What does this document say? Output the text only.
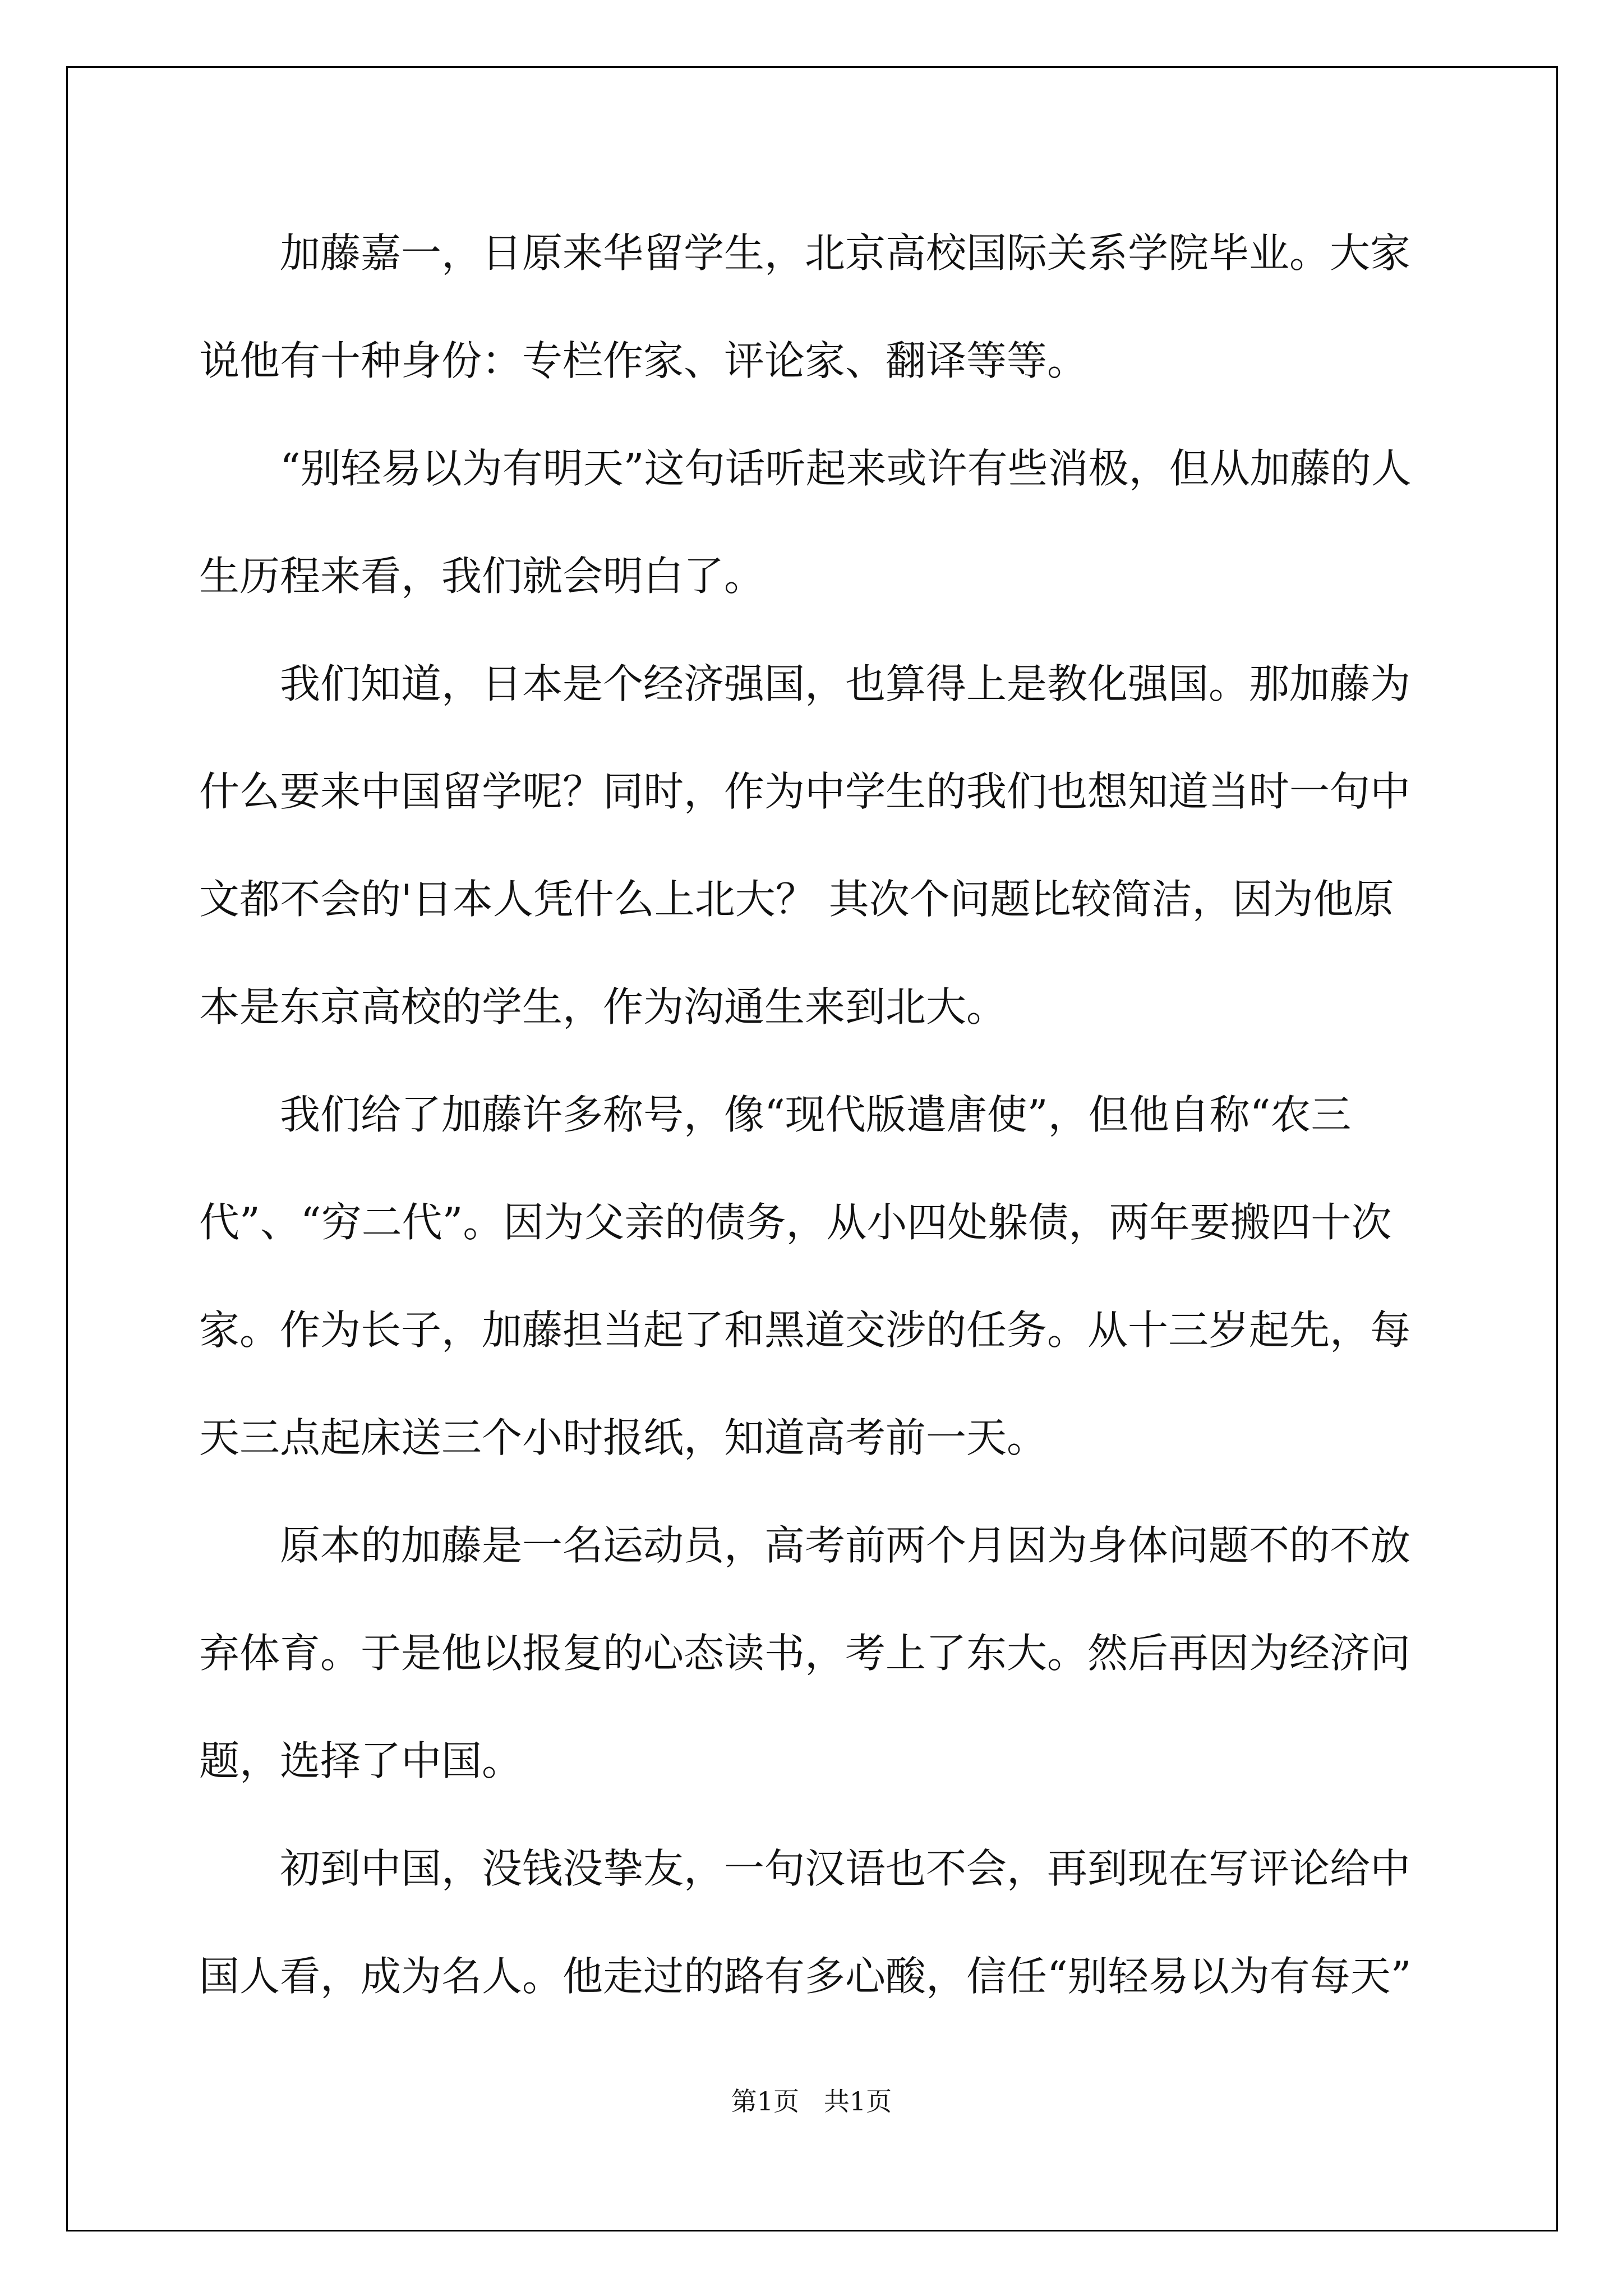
加藤嘉一，日原来华留学生，北京高校国际关系学院毕业。大家说他有十种身份：专栏作家、评论家、翻译等等。

“别轻易以为有明天”这句话听起来或许有些消极，但从加藤的人生历程来看，我们就会明白了。

我们知道，日本是个经济强国，也算得上是教化强国。那加藤为什么要来中国留学呢？同时，作为中学生的我们也想知道当时一句中文都不会的'日本人凭什么上北大？ 其次个问题比较简洁，因为他原本是东京高校的学生，作为沟通生来到北大。

我们给了加藤许多称号，像“现代版遣唐使”，但他自称“农三代”、“穷二代”。因为父亲的债务，从小四处躲债，两年要搬四十次家。作为长子，加藤担当起了和黑道交涉的任务。从十三岁起先，每天三点起床送三个小时报纸，知道高考前一天。

原本的加藤是一名运动员，高考前两个月因为身体问题不的不放弃体育。于是他以报复的心态读书，考上了东大。然后再因为经济问题，选择了中国。

初到中国，没钱没挚友，一句汉语也不会，再到现在写评论给中国人看，成为名人。他走过的路有多心酸，信任“别轻易以为有每天”

第1页   共1页
